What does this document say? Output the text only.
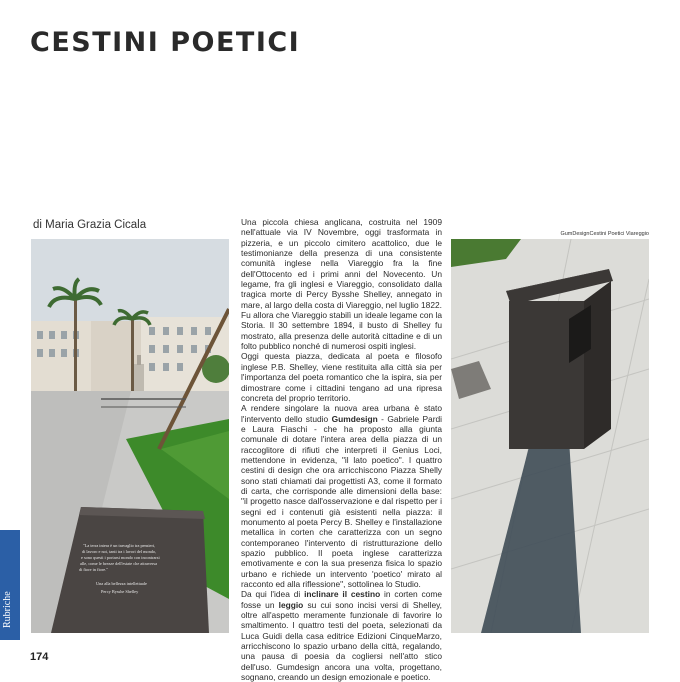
CESTINI POETICI
di Maria Grazia Cicala
"La terra intera è un travaglio tra pensieri,
di lavoro e noi, tanti tra i lavori del mondo,
e sono questi i portarsi mondo con incontrarsi
alle, come le brezze dell'estate che attraversa
di fiore in fiore."
Una alla bellezza intellettuale
Percy Bysshe Shelley

Una piccola chiesa anglicana, costruita nel 1909 nell'attuale via IV Novembre, oggi trasformata in pizzeria, e un piccolo cimitero acattolico, due le testimonianze della presenza di una consistente comunità inglese nella Viareggio fra la fine dell'Ottocento ed i primi anni del Novecento. Un legame, fra gli inglesi e Viareggio, consolidato dalla tragica morte di Percy Bysshe Shelley, annegato in mare, al largo della costa di Viareggio, nel luglio 1822. Fu allora che Viareggio stabilì un ideale legame con la Storia. Il 30 settembre 1894, il busto di Shelley fu mostrato, alla presenza delle autorità cittadine e di un folto pubblico nonché di numerosi ospiti inglesi.

Oggi questa piazza, dedicata al poeta e filosofo inglese P.B. Shelley, viene restituita alla città sia per l'importanza del poeta romantico che la ispira, sia per dimostrare come i cittadini tengano ad una ripresa concreta del proprio territorio.

A rendere singolare la nuova area urbana è stato l'intervento dello studio Gumdesign - Gabriele Pardi e Laura Fiaschi - che ha proposto alla giunta comunale di dotare l'intera area della piazza di un raccoglitore di rifiuti che interpreti il Genius Loci, mettendone in evidenza, "il lato poetico". I quattro cestini di design che ora arricchiscono Piazza Shelly sono stati chiamati dai progettisti A3, come il formato di carta, che corrisponde alle dimensioni della base: "il progetto nasce dall'osservazione e dal rispetto per i segni ed i contenuti già esistenti nella piazza: il monumento al poeta Percy B. Shelley e l'installazione metallica in corten che caratterizza con un segno contemporaneo l'intervento di ristrutturazione dello spazio pubblico. Il poeta inglese caratterizza emotivamente e con la sua presenza fisica lo spazio urbano e richiede un intervento 'poetico' mirato al racconto ed alla riflessione", sottolinea lo Studio.

Da qui l'idea di inclinare il cestino in corten come fosse un leggio su cui sono incisi versi di Shelley, oltre all'aspetto meramente funzionale di favorire lo smaltimento. I quattro testi del poeta, selezionati da Luca Guidi della casa editrice Edizioni CinqueMarzo, arricchiscono lo spazio urbano della città, regalando, una pausa di poesia da cogliersi nell'atto stico dell'uso. Gumdesign ancora una volta, progettano, sognano, creando un design emozionale e poetico.

GumDesignCestini Poetici Viareggio
Rubriche
174
